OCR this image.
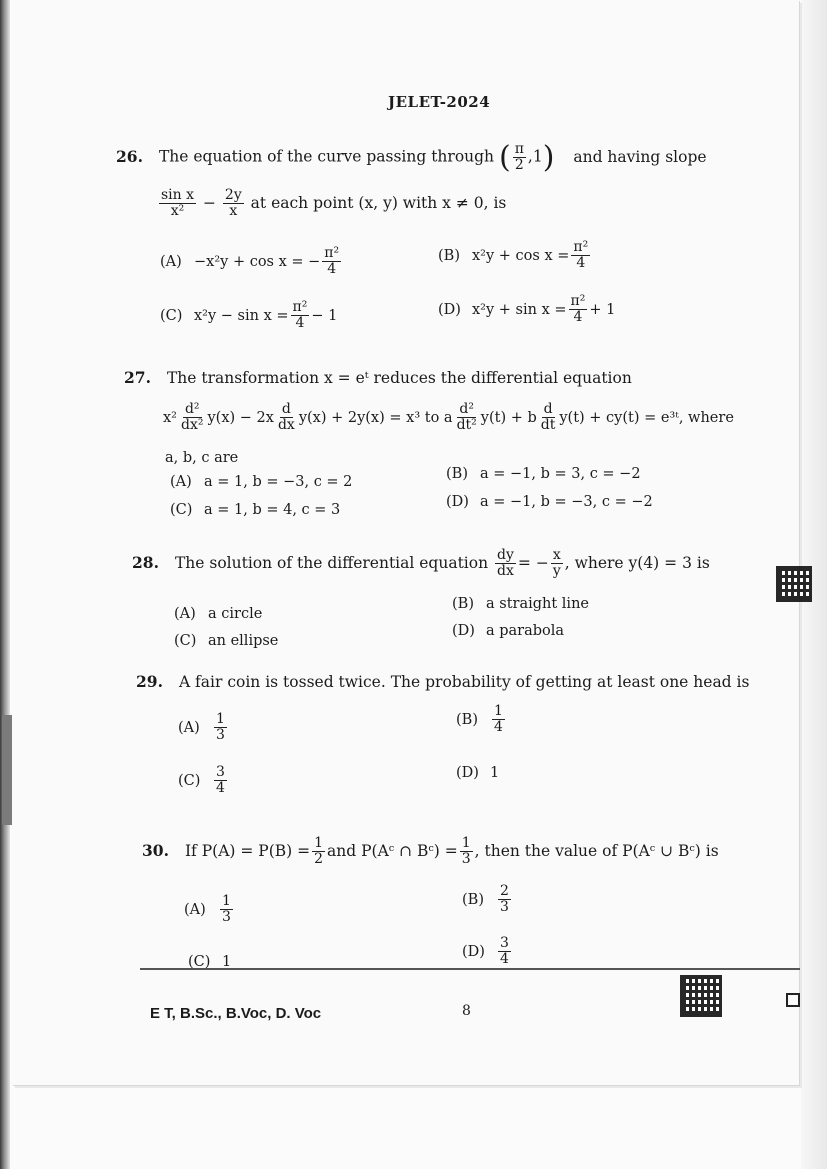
JELET-2024
26. The equation of the curve passing through ( $\frac{\pi}{2} ,1$) and having slope
$\frac{\text{sin x}}{\text{x²}} - \frac{2y}{x}$ at each point (x, y) with x ≠ 0, is
(A) −x²y + cos x = − $\frac{\text{π²}}{4}$	(B) $x^2y + \cos x = \frac{\text{π²}}{4}$
(C) $x^2y - \sin x = \frac{\text{π²}}{4} - 1$	(D) $x^2y + \sin x = \frac{\text{π²}}{4} + 1$
27. The transformation x = eᵗ reduces the differential equation
$x^2 \frac{\text{d²}}{\text{dx²}} y(x) - 2x \frac{d}{dx} y(x) + 2y(x) = x^3$ to a $\frac{\text{d²}}{\text{dt²}} y(t) + b \frac{d}{dt} y(t) + cy(t)$ = e³ᵗ, where
a, b, c are
(A) a = 1, b = −3, c = 2	(B) a = −1, b = 3, c = −2
(C) a = 1, b = 4, c = 3	(D) a = −1, b = −3, c = −2
28. The solution of the differential equation $\frac{dy}{dx}$ = − $\frac{x}{y}$ , where y(4) = 3 is
(A) a circle
(B) a straight line
(C) an ellipse
(D) a parabola
29. A fair coin is tossed twice. The probability of getting at least one head is
$(A) \frac{1}{3}$	$(B) \frac{1}{4}$
$(C) \frac{3}{4}$	(D) 1
30. If $P(A) = P(B) = \frac{1}{2}$ and P(Aᶜ ∩ Bᶜ) = $\frac{1}{3}$ , then the value of P(Aᶜ ∪ Bᶜ) is
$(A) \frac{1}{3}$	$(B) \frac{2}{3}$
(C) 1
$(D) \frac{3}{4}$
E T, B.Sc., B.Voc, D. Voc	8
